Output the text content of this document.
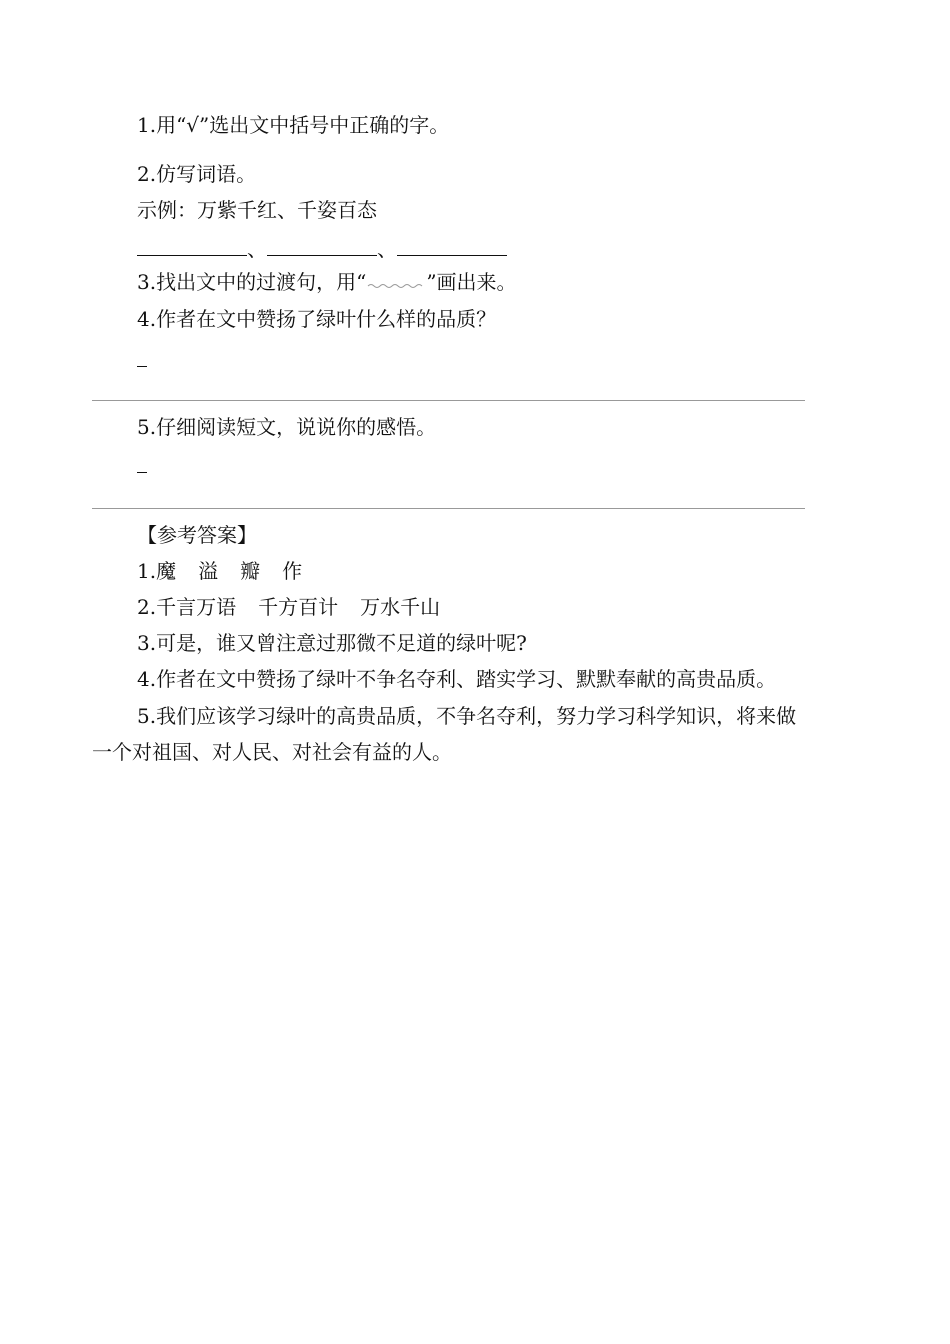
1.用“√”选出文中括号中正确的字。
2.仿写词语。
示例：万紫千红、千姿百态
、	、
3.找出文中的过渡句，用“	”画出来。
4.作者在文中赞扬了绿叶什么样的品质？
5.仔细阅读短文，说说你的感悟。
【参考答案】
1.魔 溢 瓣 作
2.千言万语 千方百计 万水千山
3.可是，谁又曾注意过那微不足道的绿叶呢?
4.作者在文中赞扬了绿叶不争名夺利、踏实学习、默默奉献的高贵品质。
5.我们应该学习绿叶的高贵品质，不争名夺利，努力学习科学知识，将来做
一个对祖国、对人民、对社会有益的人。
